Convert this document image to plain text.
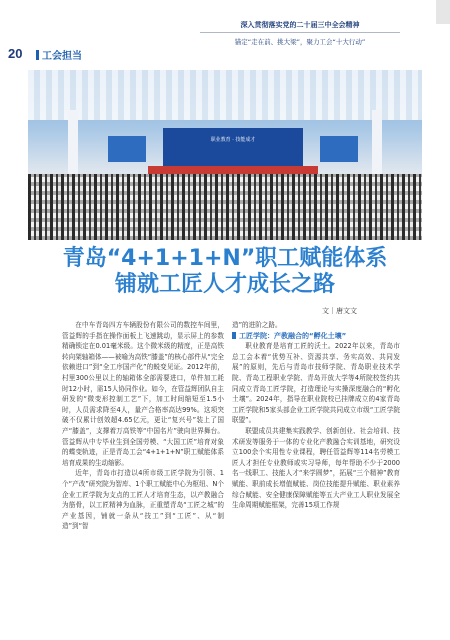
20	工会担当
深入贯彻落实党的二十届三中全会精神
锚定“走在前、挑大梁”，聚力工会“十大行动”
职业教育 · 技能成才
青岛“4+1+1+N”职工赋能体系
铺就工匠人才成长之路
文｜唐文文

在中车青岛四方车辆股份有限公司的数控车间里，管益辉的手指在操作面板上飞速跳动，显示屏上的参数精确锁定在0.01毫米级。这个微米级的精度，正是高铁转向架轴箱体——被喻为高铁“膝盖”的核心部件从“完全依赖进口”到“全工序国产化”的蜕变见证。2012年前，村里300公里以上的轴箱体全部需要进口，单件加工耗时12小时，需15人协同作业。如今，在管益辉团队自主研发的“微变形控制工艺”下，加工时间缩短至1.5小时，人员需求降至4人，量产合格率高达99%。这项突破不仅累计创效超4.65亿元，更让“复兴号”装上了国产“膝盖”，支撑着万高铁等“中国名片”驶向世界舞台。管益辉从中专毕业生到全国劳模、“大国工匠”培育对象的蝶变轨迹，正是青岛工会“4+1+1+N”职工赋能体系培育成果的生动缩影。

近年，青岛市打造以4所市级工匠学院为引领、1个“产改”研究院为智库、1个职工赋能中心为枢纽、N个企业工匠学院为支点的工匠人才培育生态，以产教融合为筋骨，以工匠精神为血脉，正重塑青岛“工匠之城”的产业基因，铺就一条从“技工”到“工匠”、从“制造”到“智

造”的进阶之路。

工匠学院：产教融合的“孵化土壤”

职业教育是培育工匠的沃土。2022年以来，青岛市总工会本着“优势互补、资源共享、务实高效、共同发展”的原则，先后与青岛市技师学院、青岛职业技术学院、青岛工程职业学院、青岛开放大学等4所院校签约共同成立青岛工匠学院，打造理论与实操深度融合的“孵化土壤”。2024年，指导在职业院校已挂牌成立的4家青岛工匠学院和5家头部企业工匠学院共同成立市级“工匠学院联盟”。

联盟成员共建集实践教学、创新创业、社会培训、技术研发等服务于一体的专业化产教融合实训基地，研究设立100余个实用性专业课程，聘任管益辉等114名劳模工匠人才担任专业教师或实习导师，每年帮助不少于2000名一线职工、技能人才“来学圆梦”，拓展“三个精神”教育赋能、职前成长增值赋能、岗位技能提升赋能、职业素养综合赋能、安全健康保障赋能等五大产业工人职业发展全生命周期赋能框架，完善15项工作规
